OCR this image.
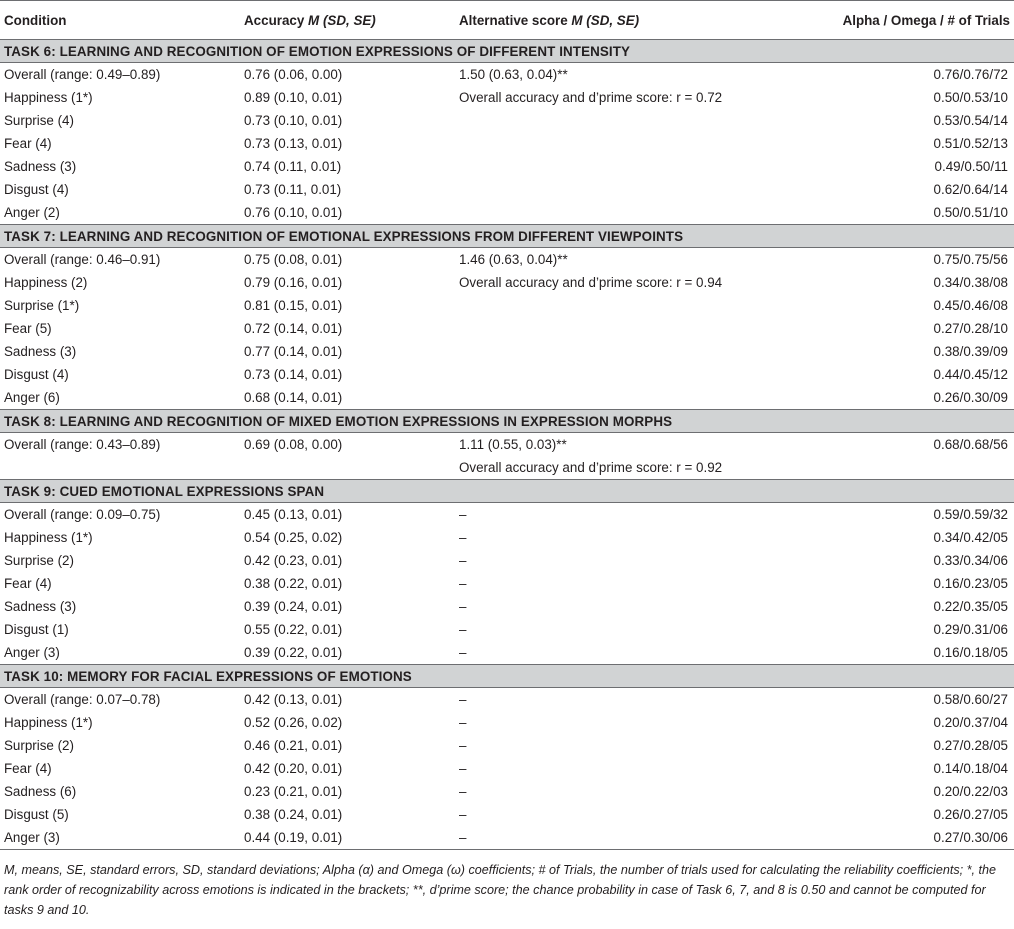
Condition	Accuracy M (SD, SE)	Alternative score M (SD, SE)	Alpha / Omega / # of Trials
TASK 6: LEARNING AND RECOGNITION OF EMOTION EXPRESSIONS OF DIFFERENT INTENSITY			
Overall (range: 0.49–0.89)	0.76 (0.06, 0.00)	1.50 (0.63, 0.04)**	0.76/0.76/72
Happiness (1*)	0.89 (0.10, 0.01)	Overall accuracy and d’prime score: r = 0.72	0.50/0.53/10
Surprise (4)	0.73 (0.10, 0.01)		0.53/0.54/14
Fear (4)	0.73 (0.13, 0.01)		0.51/0.52/13
Sadness (3)	0.74 (0.11, 0.01)		0.49/0.50/11
Disgust (4)	0.73 (0.11, 0.01)		0.62/0.64/14
Anger (2)	0.76 (0.10, 0.01)		0.50/0.51/10
TASK 7: LEARNING AND RECOGNITION OF EMOTIONAL EXPRESSIONS FROM DIFFERENT VIEWPOINTS			
Overall (range: 0.46–0.91)	0.75 (0.08, 0.01)	1.46 (0.63, 0.04)**	0.75/0.75/56
Happiness (2)	0.79 (0.16, 0.01)	Overall accuracy and d’prime score: r = 0.94	0.34/0.38/08
Surprise (1*)	0.81 (0.15, 0.01)		0.45/0.46/08
Fear (5)	0.72 (0.14, 0.01)		0.27/0.28/10
Sadness (3)	0.77 (0.14, 0.01)		0.38/0.39/09
Disgust (4)	0.73 (0.14, 0.01)		0.44/0.45/12
Anger (6)	0.68 (0.14, 0.01)		0.26/0.30/09
TASK 8: LEARNING AND RECOGNITION OF MIXED EMOTION EXPRESSIONS IN EXPRESSION MORPHS			
Overall (range: 0.43–0.89)	0.69 (0.08, 0.00)	1.11 (0.55, 0.03)**	0.68/0.68/56
		Overall accuracy and d’prime score: r = 0.92	
TASK 9: CUED EMOTIONAL EXPRESSIONS SPAN			
Overall (range: 0.09–0.75)	0.45 (0.13, 0.01)	–	0.59/0.59/32
Happiness (1*)	0.54 (0.25, 0.02)	–	0.34/0.42/05
Surprise (2)	0.42 (0.23, 0.01)	–	0.33/0.34/06
Fear (4)	0.38 (0.22, 0.01)	–	0.16/0.23/05
Sadness (3)	0.39 (0.24, 0.01)	–	0.22/0.35/05
Disgust (1)	0.55 (0.22, 0.01)	–	0.29/0.31/06
Anger (3)	0.39 (0.22, 0.01)	–	0.16/0.18/05
TASK 10: MEMORY FOR FACIAL EXPRESSIONS OF EMOTIONS			
Overall (range: 0.07–0.78)	0.42 (0.13, 0.01)	–	0.58/0.60/27
Happiness (1*)	0.52 (0.26, 0.02)	–	0.20/0.37/04
Surprise (2)	0.46 (0.21, 0.01)	–	0.27/0.28/05
Fear (4)	0.42 (0.20, 0.01)	–	0.14/0.18/04
Sadness (6)	0.23 (0.21, 0.01)	–	0.20/0.22/03
Disgust (5)	0.38 (0.24, 0.01)	–	0.26/0.27/05
Anger (3)	0.44 (0.19, 0.01)	–	0.27/0.30/06
M, means, SE, standard errors, SD, standard deviations; Alpha (α) and Omega (ω) coefficients; # of Trials, the number of trials used for calculating the reliability coefficients; *, the rank order of recognizability across emotions is indicated in the brackets; **, d’prime score; the chance probability in case of Task 6, 7, and 8 is 0.50 and cannot be computed for tasks 9 and 10.
